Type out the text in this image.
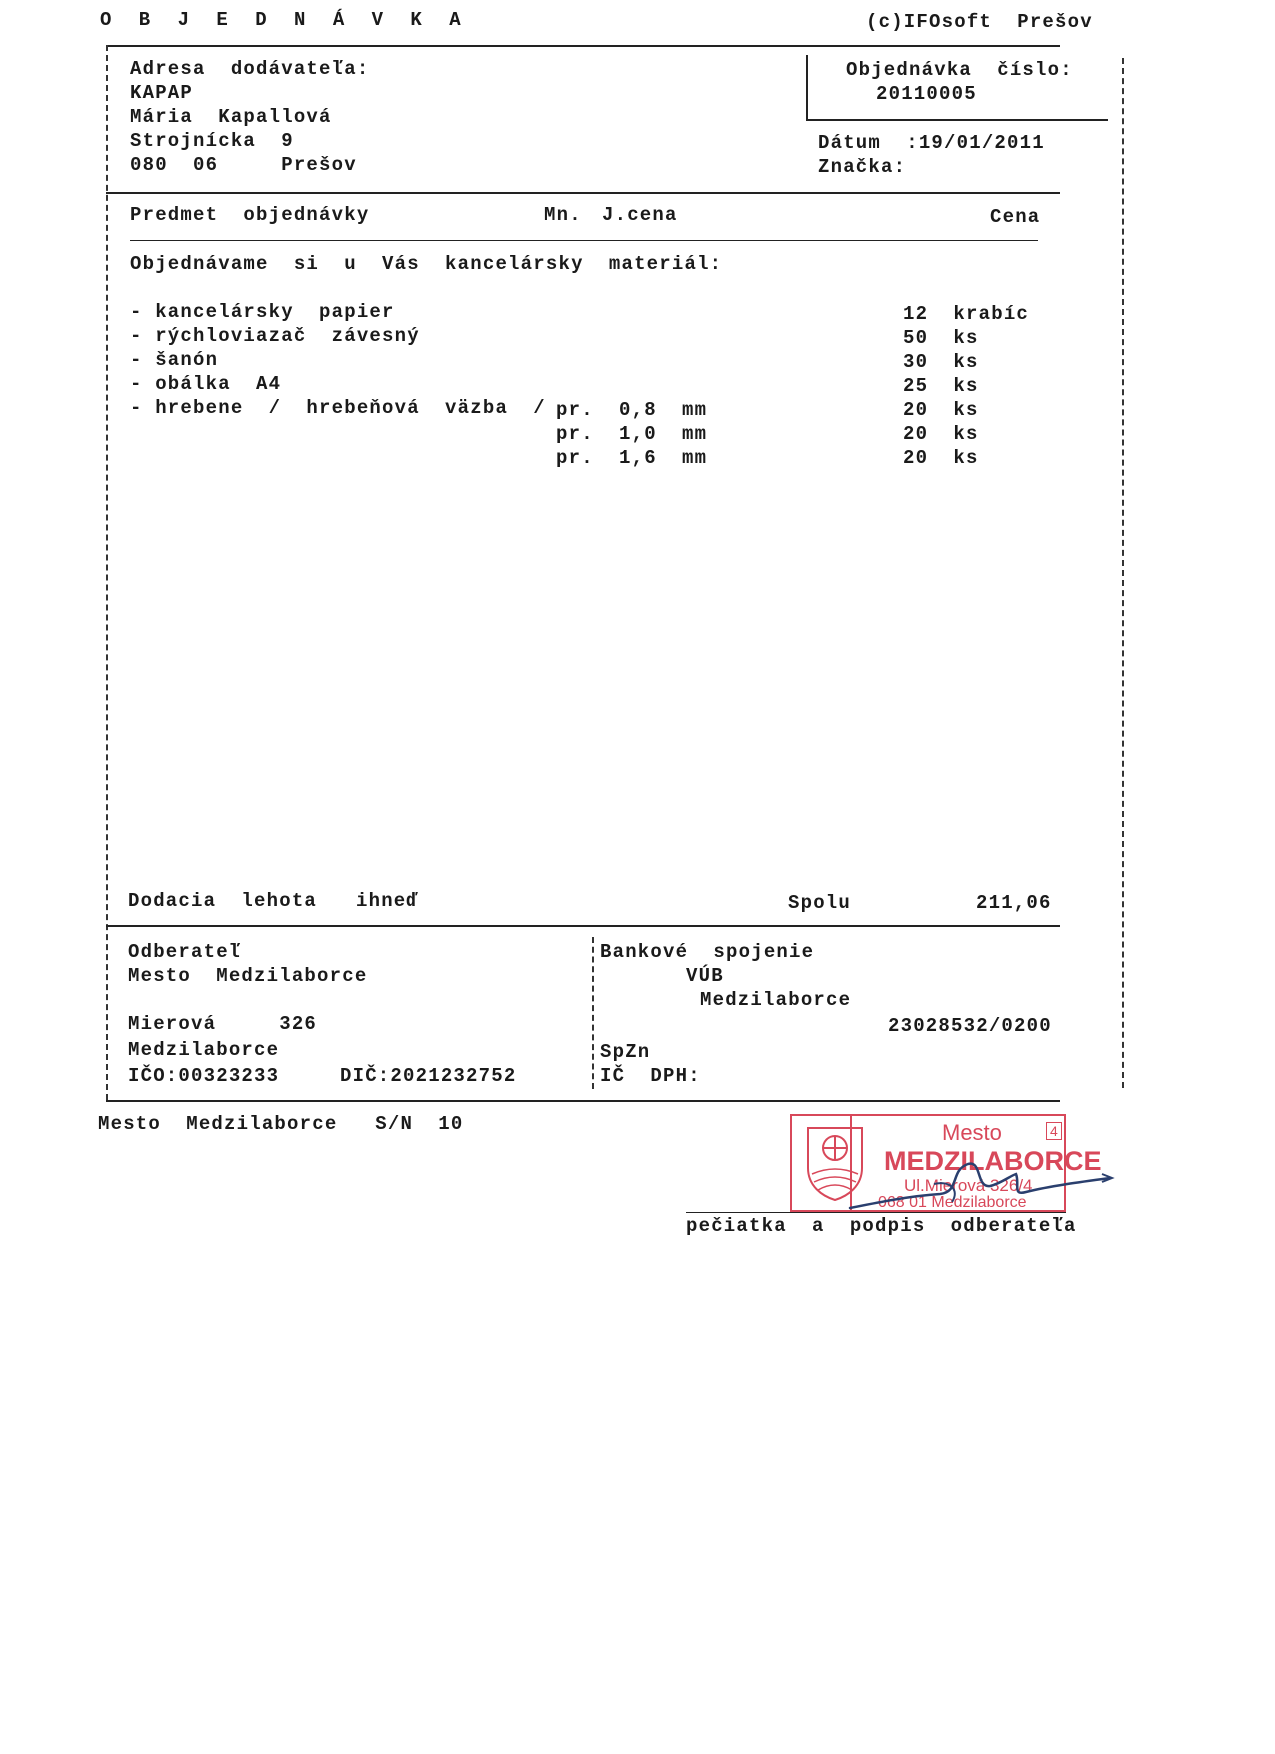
O B J E D N Á V K A	(c)IFOsoft  Prešov
Adresa  dodávateľa:
KAPAP
Mária  Kapallová
Strojnícka  9
080  06     Prešov
Objednávka  číslo:
20110005
Dátum  :19/01/2011
Značka:
Predmet  objednávky	Mn. J.cena	Cena
Objednávame  si  u  Vás  kancelársky  materiál:
- kancelársky  papier	12  krabíc
- rýchloviazač  závesný	50  ks
- šanón	30  ks
- obálka  A4	25  ks
- hrebene  /  hrebeňová  väzba  / pr.  0,8  mm	20  ks
pr.  1,0  mm	20  ks
pr.  1,6  mm	20  ks
Dodacia  lehota ihneď	Spolu	211,06
Odberateľ
Mesto  Medzilaborce
Mierová     326
Medzilaborce
IČO:00323233	DIČ:2021232752
Bankové  spojenie
VÚB
Medzilaborce
23028532/0200
SpZn
IČ  DPH:
Mesto  Medzilaborce   S/N  10	Mesto
MEDZILABORCE
Ul.Mierová 326/4
068 01 Medzilaborce
4
pečiatka  a  podpis  odberateľa
